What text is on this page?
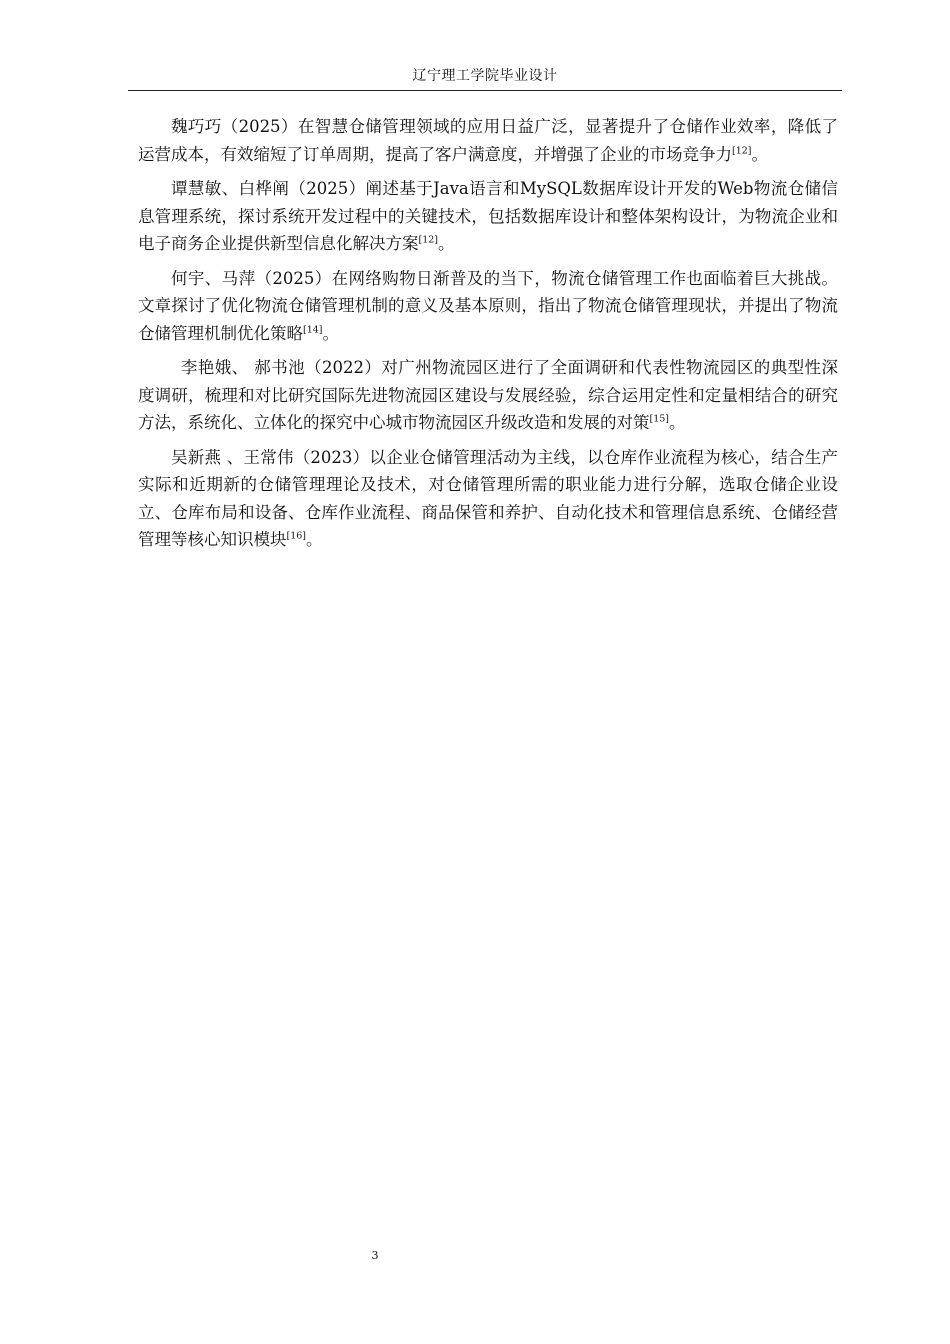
辽宁理工学院毕业设计

魏巧巧（2025）在智慧仓储管理领域的应用日益广泛，显著提升了仓储作业效率，降低了运营成本，有效缩短了订单周期，提高了客户满意度，并增强了企业的市场竞争力[12]。

谭慧敏、白桦阐（2025）阐述基于Java语言和MySQL数据库设计开发的Web物流仓储信息管理系统，探讨系统开发过程中的关键技术，包括数据库设计和整体架构设计，为物流企业和电子商务企业提供新型信息化解决方案[12]。

何宇、马萍（2025）在网络购物日渐普及的当下，物流仓储管理工作也面临着巨大挑战。文章探讨了优化物流仓储管理机制的意义及基本原则，指出了物流仓储管理现状，并提出了物流仓储管理机制优化策略[14]。

李艳娥、 郝书池（2022）对广州物流园区进行了全面调研和代表性物流园区的典型性深度调研，梳理和对比研究国际先进物流园区建设与发展经验，综合运用定性和定量相结合的研究方法，系统化、立体化的探究中心城市物流园区升级改造和发展的对策[15]。

吴新燕 、王常伟（2023）以企业仓储管理活动为主线，以仓库作业流程为核心，结合生产实际和近期新的仓储管理理论及技术，对仓储管理所需的职业能力进行分解，选取仓储企业设立、仓库布局和设备、仓库作业流程、商品保管和养护、自动化技术和管理信息系统、仓储经营管理等核心知识模块[16]。

3
